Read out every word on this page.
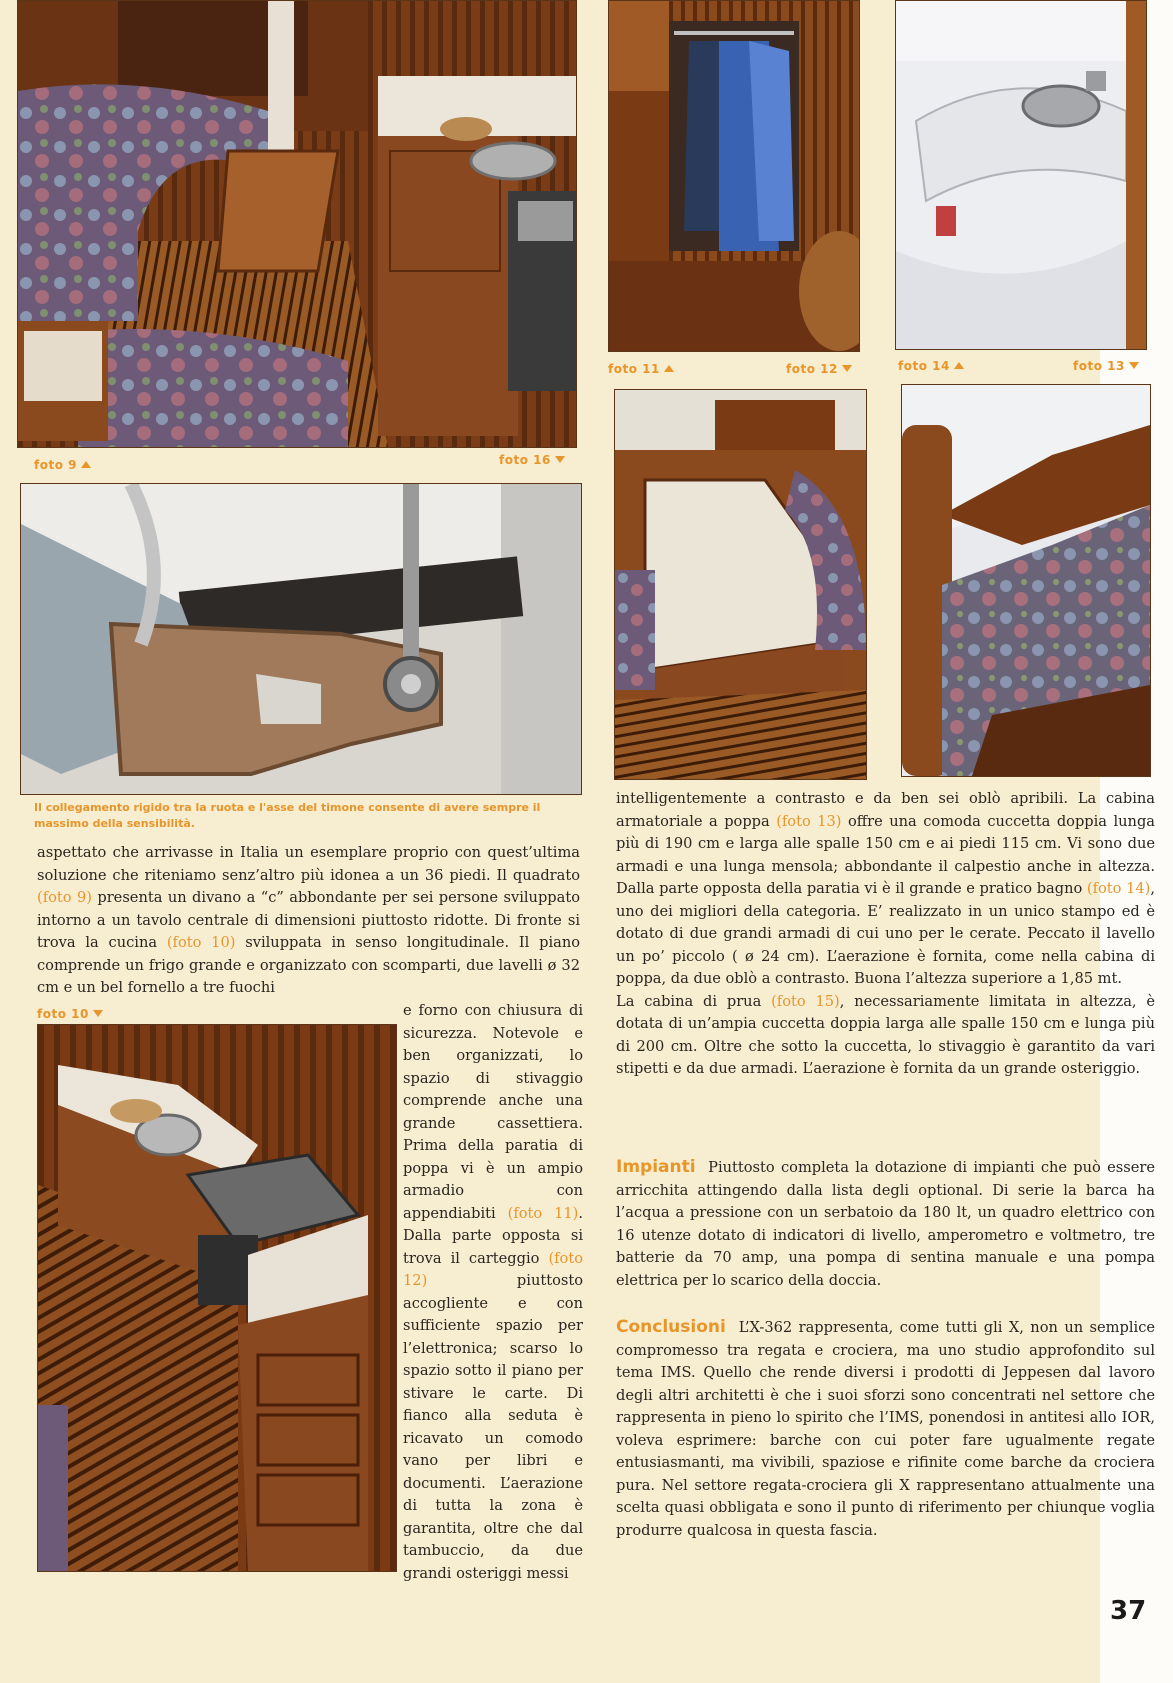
foto 9	foto 16
Il collegamento rigido tra la ruota e l'asse del timone consente di avere sempre il massimo della sensibilità.

aspettato che arrivasse in Italia un esemplare proprio con quest’ultima soluzione che riteniamo senz’altro più idonea a un 36 piedi. Il quadrato (foto 9) presenta un divano a “c” abbondante per sei persone sviluppato intorno a un tavolo centrale di dimensioni piuttosto ridotte. Di fronte si trova la cucina (foto 10) sviluppata in senso longitudinale. Il piano comprende un frigo grande e organizzato con scomparti, due lavelli ø 32 cm e un bel fornello a tre fuochi

foto 10	e forno con chiusura di sicurezza. Notevole e ben organizzati, lo spazio di stivaggio comprende anche una grande cassettiera. Prima della paratia di poppa vi è un ampio armadio con appendiabiti (foto 11). Dalla parte opposta si trova il carteggio (foto 12) piuttosto accogliente e con sufficiente spazio per l’elettronica; scarso lo spazio sotto il piano per stivare le carte. Di fianco alla seduta è ricavato un comodo vano per libri e documenti. L’aerazione di tutta la zona è garantita, oltre che dal tambuccio, da due grandi osteriggi messi

foto 11	foto 12	foto 14	foto 13

intelligentemente a contrasto e da ben sei oblò apribili. La cabina armatoriale a poppa (foto 13) offre una comoda cuccetta doppia lunga più di 190 cm e larga alle spalle 150 cm e ai piedi 115 cm. Vi sono due armadi e una lunga mensola; abbondante il calpestio anche in altezza. Dalla parte opposta della paratia vi è il grande e pratico bagno (foto 14), uno dei migliori della categoria. E’ realizzato in un unico stampo ed è dotato di due grandi armadi di cui uno per le cerate. Peccato il lavello un po’ piccolo ( ø 24 cm). L’aerazione è fornita, come nella cabina di poppa, da due oblò a contrasto. Buona l’altezza superiore a 1,85 mt.

La cabina di prua (foto 15), necessariamente limitata in altezza, è dotata di un’ampia cuccetta doppia larga alle spalle 150 cm e lunga più di 200 cm. Oltre che sotto la cuccetta, lo stivaggio è garantito da vari stipetti e da due armadi. L’aerazione è fornita da un grande osteriggio.

Impianti Piuttosto completa la dotazione di impianti che può essere arricchita attingendo dalla lista degli optional. Di serie la barca ha l’acqua a pressione con un serbatoio da 180 lt, un quadro elettrico con 16 utenze dotato di indicatori di livello, amperometro e voltmetro, tre batterie da 70 amp, una pompa di sentina manuale e una pompa elettrica per lo scarico della doccia.

Conclusioni L’X-362 rappresenta, come tutti gli X, non un semplice compromesso tra regata e crociera, ma uno studio approfondito sul tema IMS. Quello che rende diversi i prodotti di Jeppesen dal lavoro degli altri architetti è che i suoi sforzi sono concentrati nel settore che rappresenta in pieno lo spirito che l’IMS, ponendosi in antitesi allo IOR, voleva esprimere: barche con cui poter fare ugualmente regate entusiasmanti, ma vivibili, spaziose e rifinite come barche da crociera pura. Nel settore regata-crociera gli X rappresentano attualmente una scelta quasi obbligata e sono il punto di riferimento per chiunque voglia produrre qualcosa in questa fascia.

37
